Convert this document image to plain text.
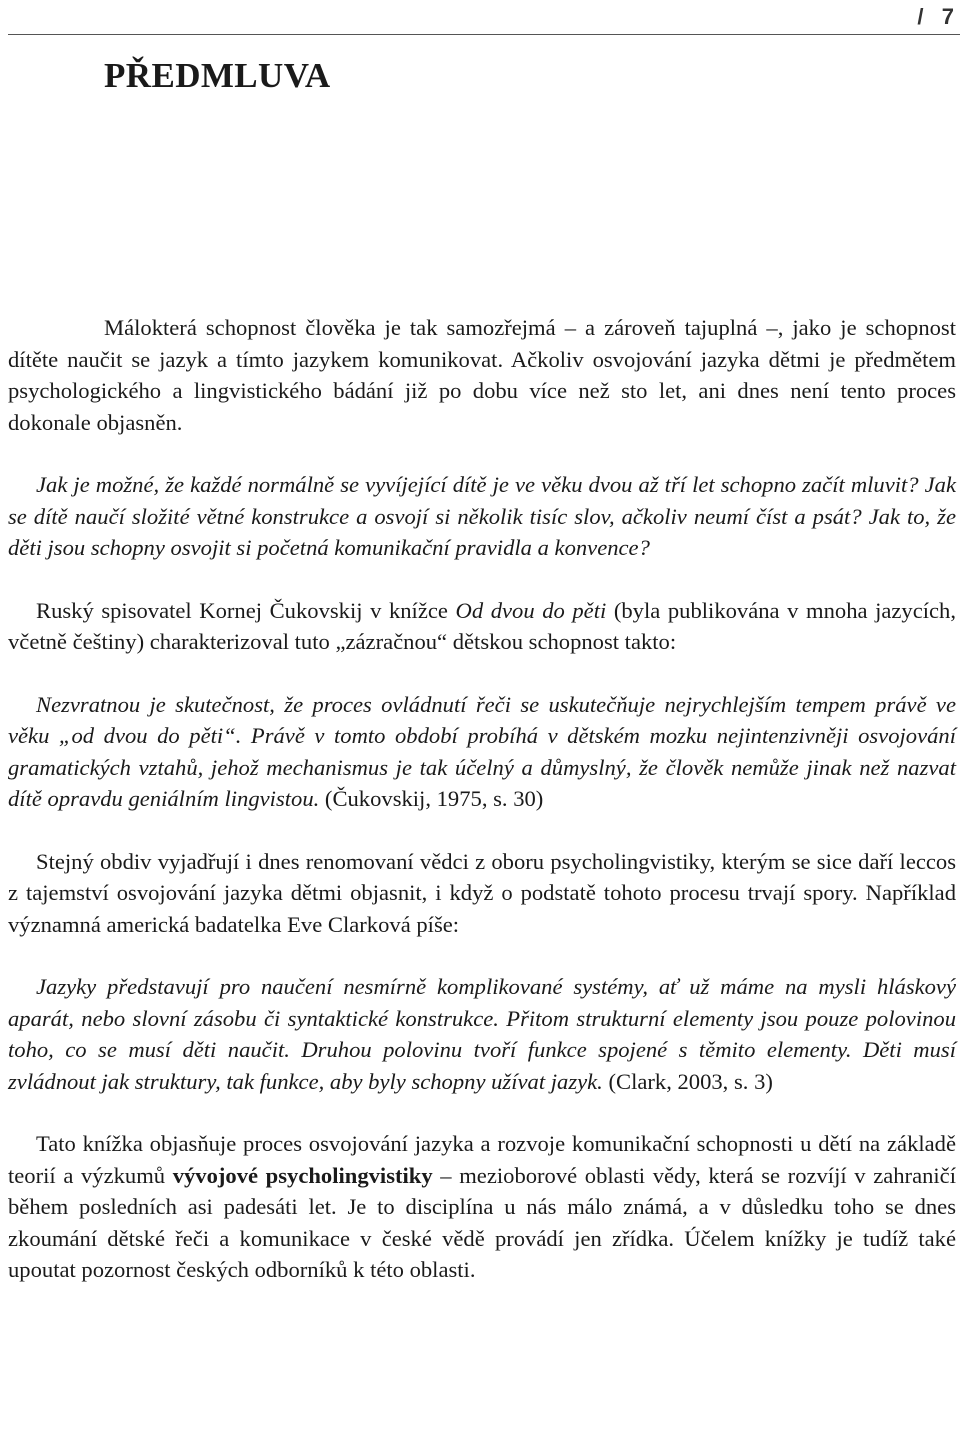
/   7
PŘEDMLUVA

Málokterá schopnost člověka je tak samozřejmá – a zároveň tajuplná –, jako je schopnost dítěte naučit se jazyk a tímto jazykem komunikovat. Ačkoliv osvojování jazyka dětmi je předmětem psychologického a lingvistického bádání již po dobu více než sto let, ani dnes není tento proces dokonale objasněn.

Jak je možné, že každé normálně se vyvíjející dítě je ve věku dvou až tří let schopno začít mluvit? Jak se dítě naučí složité větné konstrukce a osvojí si několik tisíc slov, ačkoliv neumí číst a psát? Jak to, že děti jsou schopny osvojit si početná komunikační pravidla a konvence?

Ruský spisovatel Kornej Čukovskij v knížce Od dvou do pěti (byla publikována v mnoha jazycích, včetně češtiny) charakterizoval tuto „zázračnou“ dětskou schopnost takto:

Nezvratnou je skutečnost, že proces ovládnutí řeči se uskutečňuje nejrychlejším tempem právě ve věku „od dvou do pěti“. Právě v tomto období probíhá v dětském mozku nejintenzivněji osvojování gramatických vztahů, jehož mechanismus je tak účelný a důmyslný, že člověk nemůže jinak než nazvat dítě opravdu geniálním lingvistou. (Čukovskij, 1975, s. 30)

Stejný obdiv vyjadřují i dnes renomovaní vědci z oboru psycholingvistiky, kterým se sice daří leccos z tajemství osvojování jazyka dětmi objasnit, i když o podstatě tohoto procesu trvají spory. Například významná americká badatelka Eve Clarková píše:

Jazyky představují pro naučení nesmírně komplikované systémy, ať už máme na mysli hláskový aparát, nebo slovní zásobu či syntaktické konstrukce. Přitom strukturní elementy jsou pouze polovinou toho, co se musí děti naučit. Druhou polovinu tvoří funkce spojené s těmito elementy. Děti musí zvládnout jak struktury, tak funkce, aby byly schopny užívat jazyk. (Clark, 2003, s. 3)

Tato knížka objasňuje proces osvojování jazyka a rozvoje komunikační schopnosti u dětí na základě teorií a výzkumů vývojové psycholingvistiky – mezioborové oblasti vědy, která se rozvíjí v zahraničí během posledních asi padesáti let. Je to disciplína u nás málo známá, a v důsledku toho se dnes zkoumání dětské řeči a komunikace v české vědě provádí jen zřídka. Účelem knížky je tudíž také upoutat pozornost českých odborníků k této oblasti.
